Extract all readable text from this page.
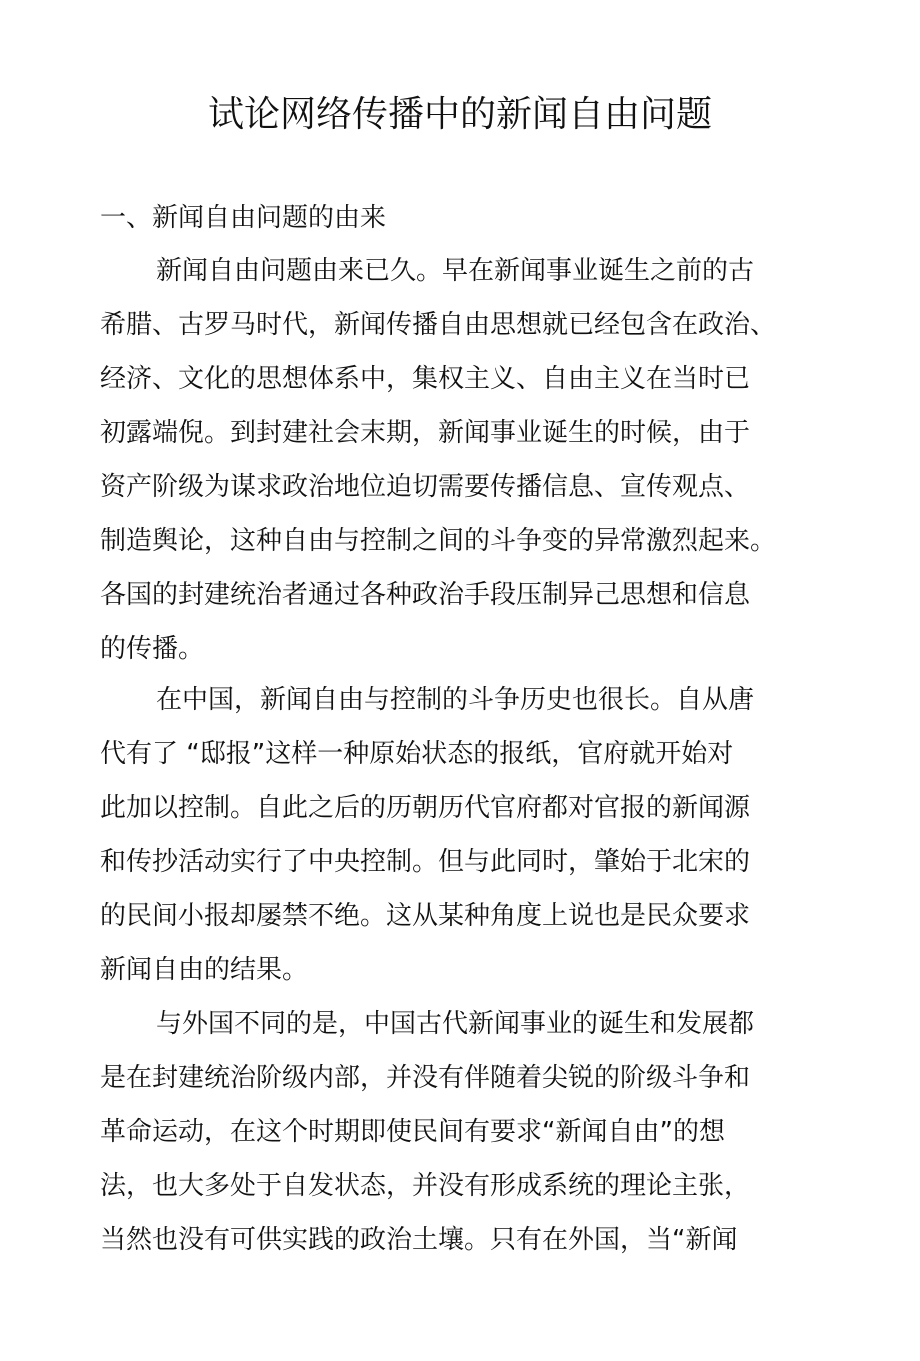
试论网络传播中的新闻自由问题
一、新闻自由问题的由来
新闻自由问题由来已久。早在新闻事业诞生之前的古
希腊、古罗马时代，新闻传播自由思想就已经包含在政治、
经济、文化的思想体系中，集权主义、自由主义在当时已
初露端倪。到封建社会末期，新闻事业诞生的时候，由于
资产阶级为谋求政治地位迫切需要传播信息、宣传观点、
制造舆论，这种自由与控制之间的斗争变的异常激烈起来。
各国的封建统治者通过各种政治手段压制异己思想和信息
的传播。
在中国，新闻自由与控制的斗争历史也很长。自从唐
代有了 “邸报”这样一种原始状态的报纸，官府就开始对
此加以控制。自此之后的历朝历代官府都对官报的新闻源
和传抄活动实行了中央控制。但与此同时，肇始于北宋的
的民间小报却屡禁不绝。这从某种角度上说也是民众要求
新闻自由的结果。
与外国不同的是，中国古代新闻事业的诞生和发展都
是在封建统治阶级内部，并没有伴随着尖锐的阶级斗争和
革命运动，在这个时期即使民间有要求“新闻自由”的想
法，也大多处于自发状态，并没有形成系统的理论主张，
当然也没有可供实践的政治土壤。只有在外国，当“新闻
